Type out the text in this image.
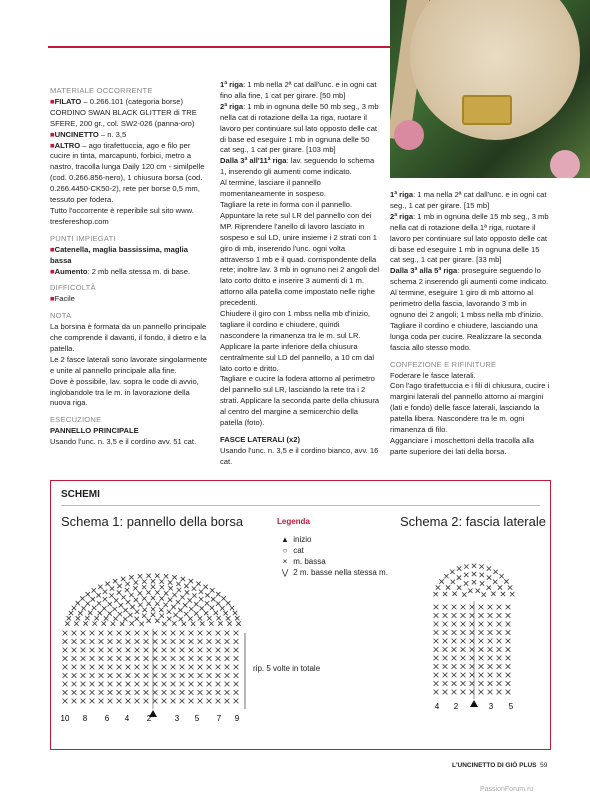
MATERIALE OCCORRENTE

■FILATO – 0.266.101 (categoria borse) CORDINO SWAN BLACK GLITTER di TRE SFERE, 200 gr., col. SW2-026 (panna-oro)

■UNCINETTO – n. 3,5

■ALTRO – ago tirafettuccia, ago e filo per cucire in tinta, marcapunti, forbici, metro a nastro, tracolla lunga Daily 120 cm - similpelle (cod. 0.266.856-nero), 1 chiusura borsa (cod. 0.266.4450-CK50-2), rete per borse 0,5 mm, tessuto per fodera.

Tutto l'occorrente è reperibile sul sito www. tresfereshop.com

PUNTI IMPIEGATI

■Catenella, maglia bassissima, maglia bassa

■Aumento: 2 mb nella stessa m. di base.

DIFFICOLTÀ

■Facile

NOTA

La borsina è formata da un pannello principale che comprende il davanti, il fondo, il dietro e la patella.

Le 2 fasce laterali sono lavorate singolarmente e unite al pannello principale alla fine.

Dove è possibile, lav. sopra le code di avvio, inglobandole tra le m. in lavorazione della nuova riga.

ESECUZIONE

PANNELLO PRINCIPALE

Usando l'unc. n. 3,5 e il cordino avv. 51 cat.

1ª riga: 1 mb nella 2ª cat dall'unc. e in ogni cat fino alla fine, 1 cat per girare. [50 mb]

2ª riga: 1 mb in ognuna delle 50 mb seg., 3 mb nella cat di rotazione della 1a riga, ruotare il lavoro per continuare sul lato opposto delle cat di base ed eseguire 1 mb in ognuna delle 50 cat seg., 1 cat per girare. [103 mb]

Dalla 3ª all'11ª riga: lav. seguendo lo schema 1, inserendo gli aumenti come indicato.

Al termine, lasciare il pannello momentaneamente in sospeso.

Tagliare la rete in forma con il pannello. Appuntare la rete sul LR del pannello con dei MP. Riprendere l'anello di lavoro lasciato in sospeso e sul LD, unire insieme i 2 strati con 1 giro di mb, inserendo l'unc. ogni volta attraverso 1 mb e il quad. corrispondente della rete; inoltre lav. 3 mb in ognuno nei 2 angoli del lato corto dritto e inserire 3 aumenti di 1 m. attorno alla patella come impostato nelle righe precedenti.

Chiudere il giro con 1 mbss nella mb d'inizio, tagliare il cordino e chiudere, quindi nascondere la rimanenza tra le m. sul LR.

Applicare la parte inferiore della chiusura centralmente sul LD del pannello, a 10 cm dal lato corto e dritto.

Tagliare e cucire la fodera attorno al perimetro del pannello sul LR, lasciando la rete tra i 2 strati. Applicare la seconda parte della chiusura al centro del margine a semicerchio della patella (foto).

FASCE LATERALI (x2)

Usando l'unc. n. 3,5 e il cordino bianco, avv. 16 cat.

1ª riga: 1 ma nella 2ª cat dall'unc. e in ogni cat seg., 1 cat per girare. [15 mb]

2ª riga: 1 mb in ognuna delle 15 mb seg., 3 mb nella cat di rotazione della 1ª riga, ruotare il lavoro per continuare sul lato opposto delle cat di base ed eseguire 1 mb in ognuna delle 15 cat seg., 1 cat per girare. [33 mb]

Dalla 3ª alla 5ª riga: proseguire seguendo lo schema 2 inserendo gli aumenti come indicato.

Al termine, eseguire 1 giro di mb attorno al perimetro della fascia, lavorando 3 mb in ognuno dei 2 angoli; 1 mbss nella mb d'inizio. Tagliare il cordino e chiudere, lasciando una lunga coda per cucire. Realizzare la seconda fascia allo stesso modo.

CONFEZIONE E RIFINITURE

Foderare le fasce laterali.

Con l'ago tirafettuccia e i fili di chiusura, cucire i margini laterali del pannello attorno ai margini (lati e fondo) delle fasce laterali, lasciando la patella libera. Nascondere tra le m. ogni rimanenza di filo.

Agganciare i moschettoni della tracolla alla parte superiore dei lati della borsa.

SCHEMI
Schema 1: pannello della borsa	Schema 2: fascia laterale
Legenda
▲ inizio
○ cat
× m. bassa
⋁ 2 m. basse nella stessa m.
rip. 5 volte in totale
10 8 6 4 2	3 5 7 9
4 2	3 5
L'UNCINETTO DI GIÒ PLUS 59
PassionForum.ru
